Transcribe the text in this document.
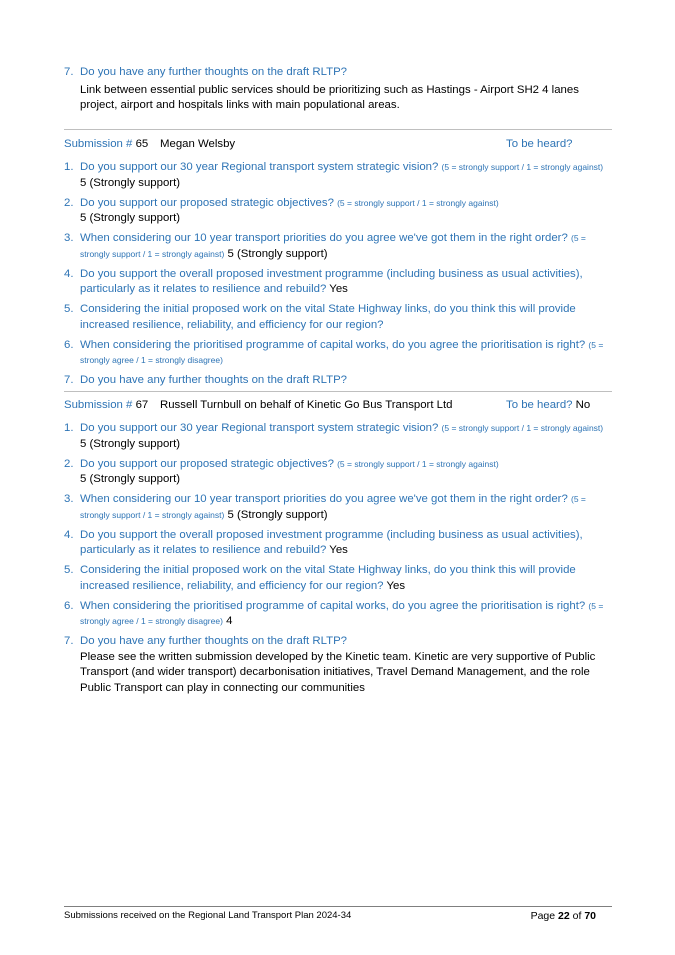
7. Do you have any further thoughts on the draft RLTP?
Link between essential public services should be prioritizing such as Hastings - Airport SH2 4 lanes project, airport and hospitals links with main populational areas.
Submission # 65 Megan Welsby	To be heard?
1. Do you support our 30 year Regional transport system strategic vision? (5 = strongly support / 1 = strongly against) 5 (Strongly support)
2. Do you support our proposed strategic objectives? (5 = strongly support / 1 = strongly against)
5 (Strongly support)
3. When considering our 10 year transport priorities do you agree we've got them in the right order? (5 = strongly support / 1 = strongly against) 5 (Strongly support)
4. Do you support the overall proposed investment programme (including business as usual activities), particularly as it relates to resilience and rebuild? Yes
5. Considering the initial proposed work on the vital State Highway links, do you think this will provide increased resilience, reliability, and efficiency for our region?
6. When considering the prioritised programme of capital works, do you agree the prioritisation is right? (5 = strongly agree / 1 = strongly disagree)
7. Do you have any further thoughts on the draft RLTP?
Submission # 67 Russell Turnbull on behalf of Kinetic Go Bus Transport Ltd	To be heard? No
1. Do you support our 30 year Regional transport system strategic vision? (5 = strongly support / 1 = strongly against) 5 (Strongly support)
2. Do you support our proposed strategic objectives? (5 = strongly support / 1 = strongly against)
5 (Strongly support)
3. When considering our 10 year transport priorities do you agree we've got them in the right order? (5 = strongly support / 1 = strongly against) 5 (Strongly support)
4. Do you support the overall proposed investment programme (including business as usual activities), particularly as it relates to resilience and rebuild? Yes
5. Considering the initial proposed work on the vital State Highway links, do you think this will provide increased resilience, reliability, and efficiency for our region? Yes
6. When considering the prioritised programme of capital works, do you agree the prioritisation is right? (5 = strongly agree / 1 = strongly disagree) 4
7. Do you have any further thoughts on the draft RLTP?
Please see the written submission developed by the Kinetic team. Kinetic are very supportive of Public Transport (and wider transport) decarbonisation initiatives, Travel Demand Management, and the role Public Transport can play in connecting our communities
Submissions received on the Regional Land Transport Plan 2024-34	Page 22 of 70
